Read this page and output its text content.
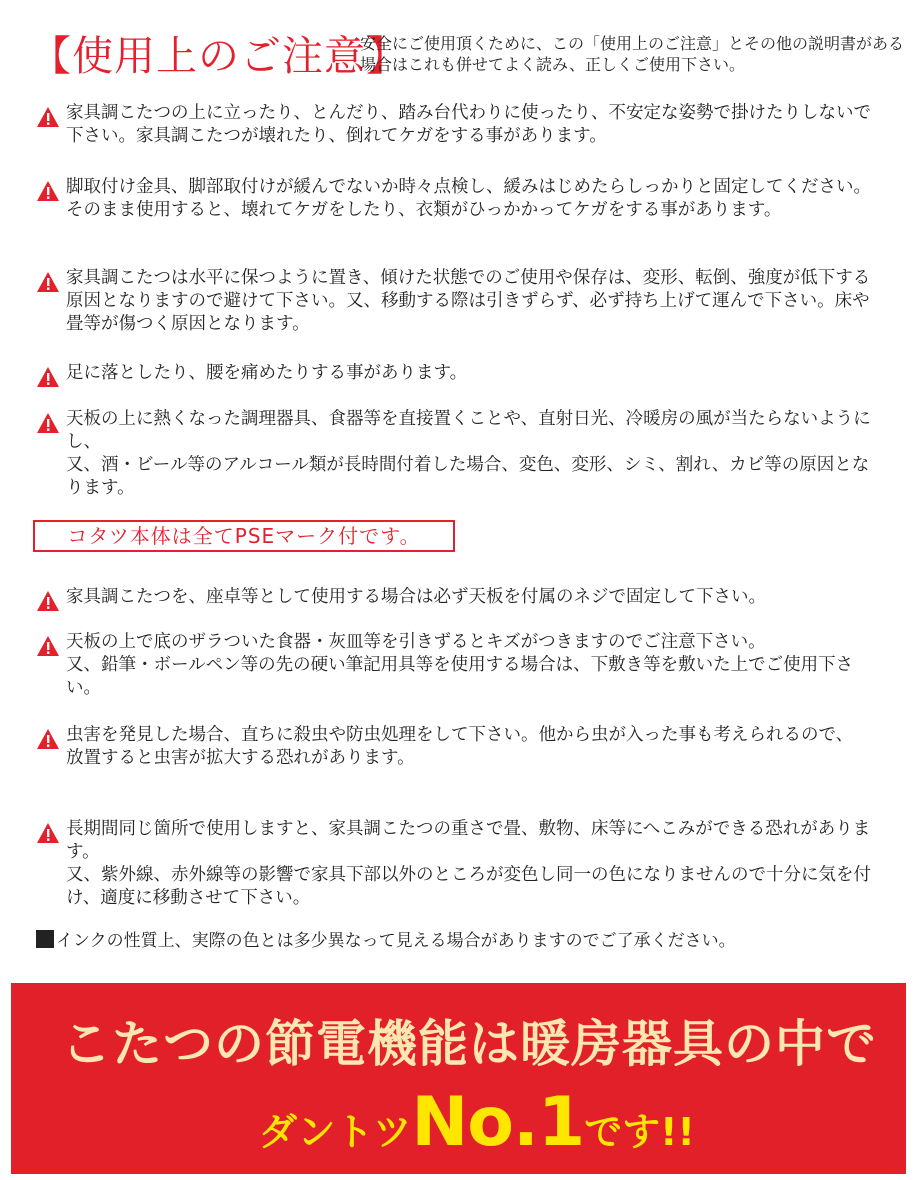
【使用上のご注意】
安全にご使用頂くために、この「使用上のご注意」とその他の説明書がある場合はこれも併せてよく読み、正しくご使用下さい。
家具調こたつの上に立ったり、とんだり、踏み台代わりに使ったり、不安定な姿勢で掛けたりしないで下さい。家具調こたつが壊れたり、倒れてケガをする事があります。
脚取付け金具、脚部取付けが緩んでないか時々点検し、緩みはじめたらしっかりと固定してください。そのまま使用すると、壊れてケガをしたり、衣類がひっかかってケガをする事があります。
家具調こたつは水平に保つように置き、傾けた状態でのご使用や保存は、変形、転倒、強度が低下する原因となりますので避けて下さい。又、移動する際は引きずらず、必ず持ち上げて運んで下さい。床や畳等が傷つく原因となります。
足に落としたり、腰を痛めたりする事があります。
天板の上に熱くなった調理器具、食器等を直接置くことや、直射日光、冷暖房の風が当たらないようにし、
又、酒・ビール等のアルコール類が長時間付着した場合、変色、変形、シミ、割れ、カビ等の原因となります。
コタツ本体は全てPSEマーク付です。
家具調こたつを、座卓等として使用する場合は必ず天板を付属のネジで固定して下さい。
天板の上で底のザラついた食器・灰皿等を引きずるとキズがつきますのでご注意下さい。
又、鉛筆・ボールペン等の先の硬い筆記用具等を使用する場合は、下敷き等を敷いた上でご使用下さい。
虫害を発見した場合、直ちに殺虫や防虫処理をして下さい。他から虫が入った事も考えられるので、
放置すると虫害が拡大する恐れがあります。
長期間同じ箇所で使用しますと、家具調こたつの重さで畳、敷物、床等にへこみができる恐れがあります。
又、紫外線、赤外線等の影響で家具下部以外のところが変色し同一の色になりませんので十分に気を付け、適度に移動させて下さい。
インクの性質上、実際の色とは多少異なって見える場合がありますのでご了承ください。
こたつの節電機能は暖房器具の中で
ダントツNo.1です!!
